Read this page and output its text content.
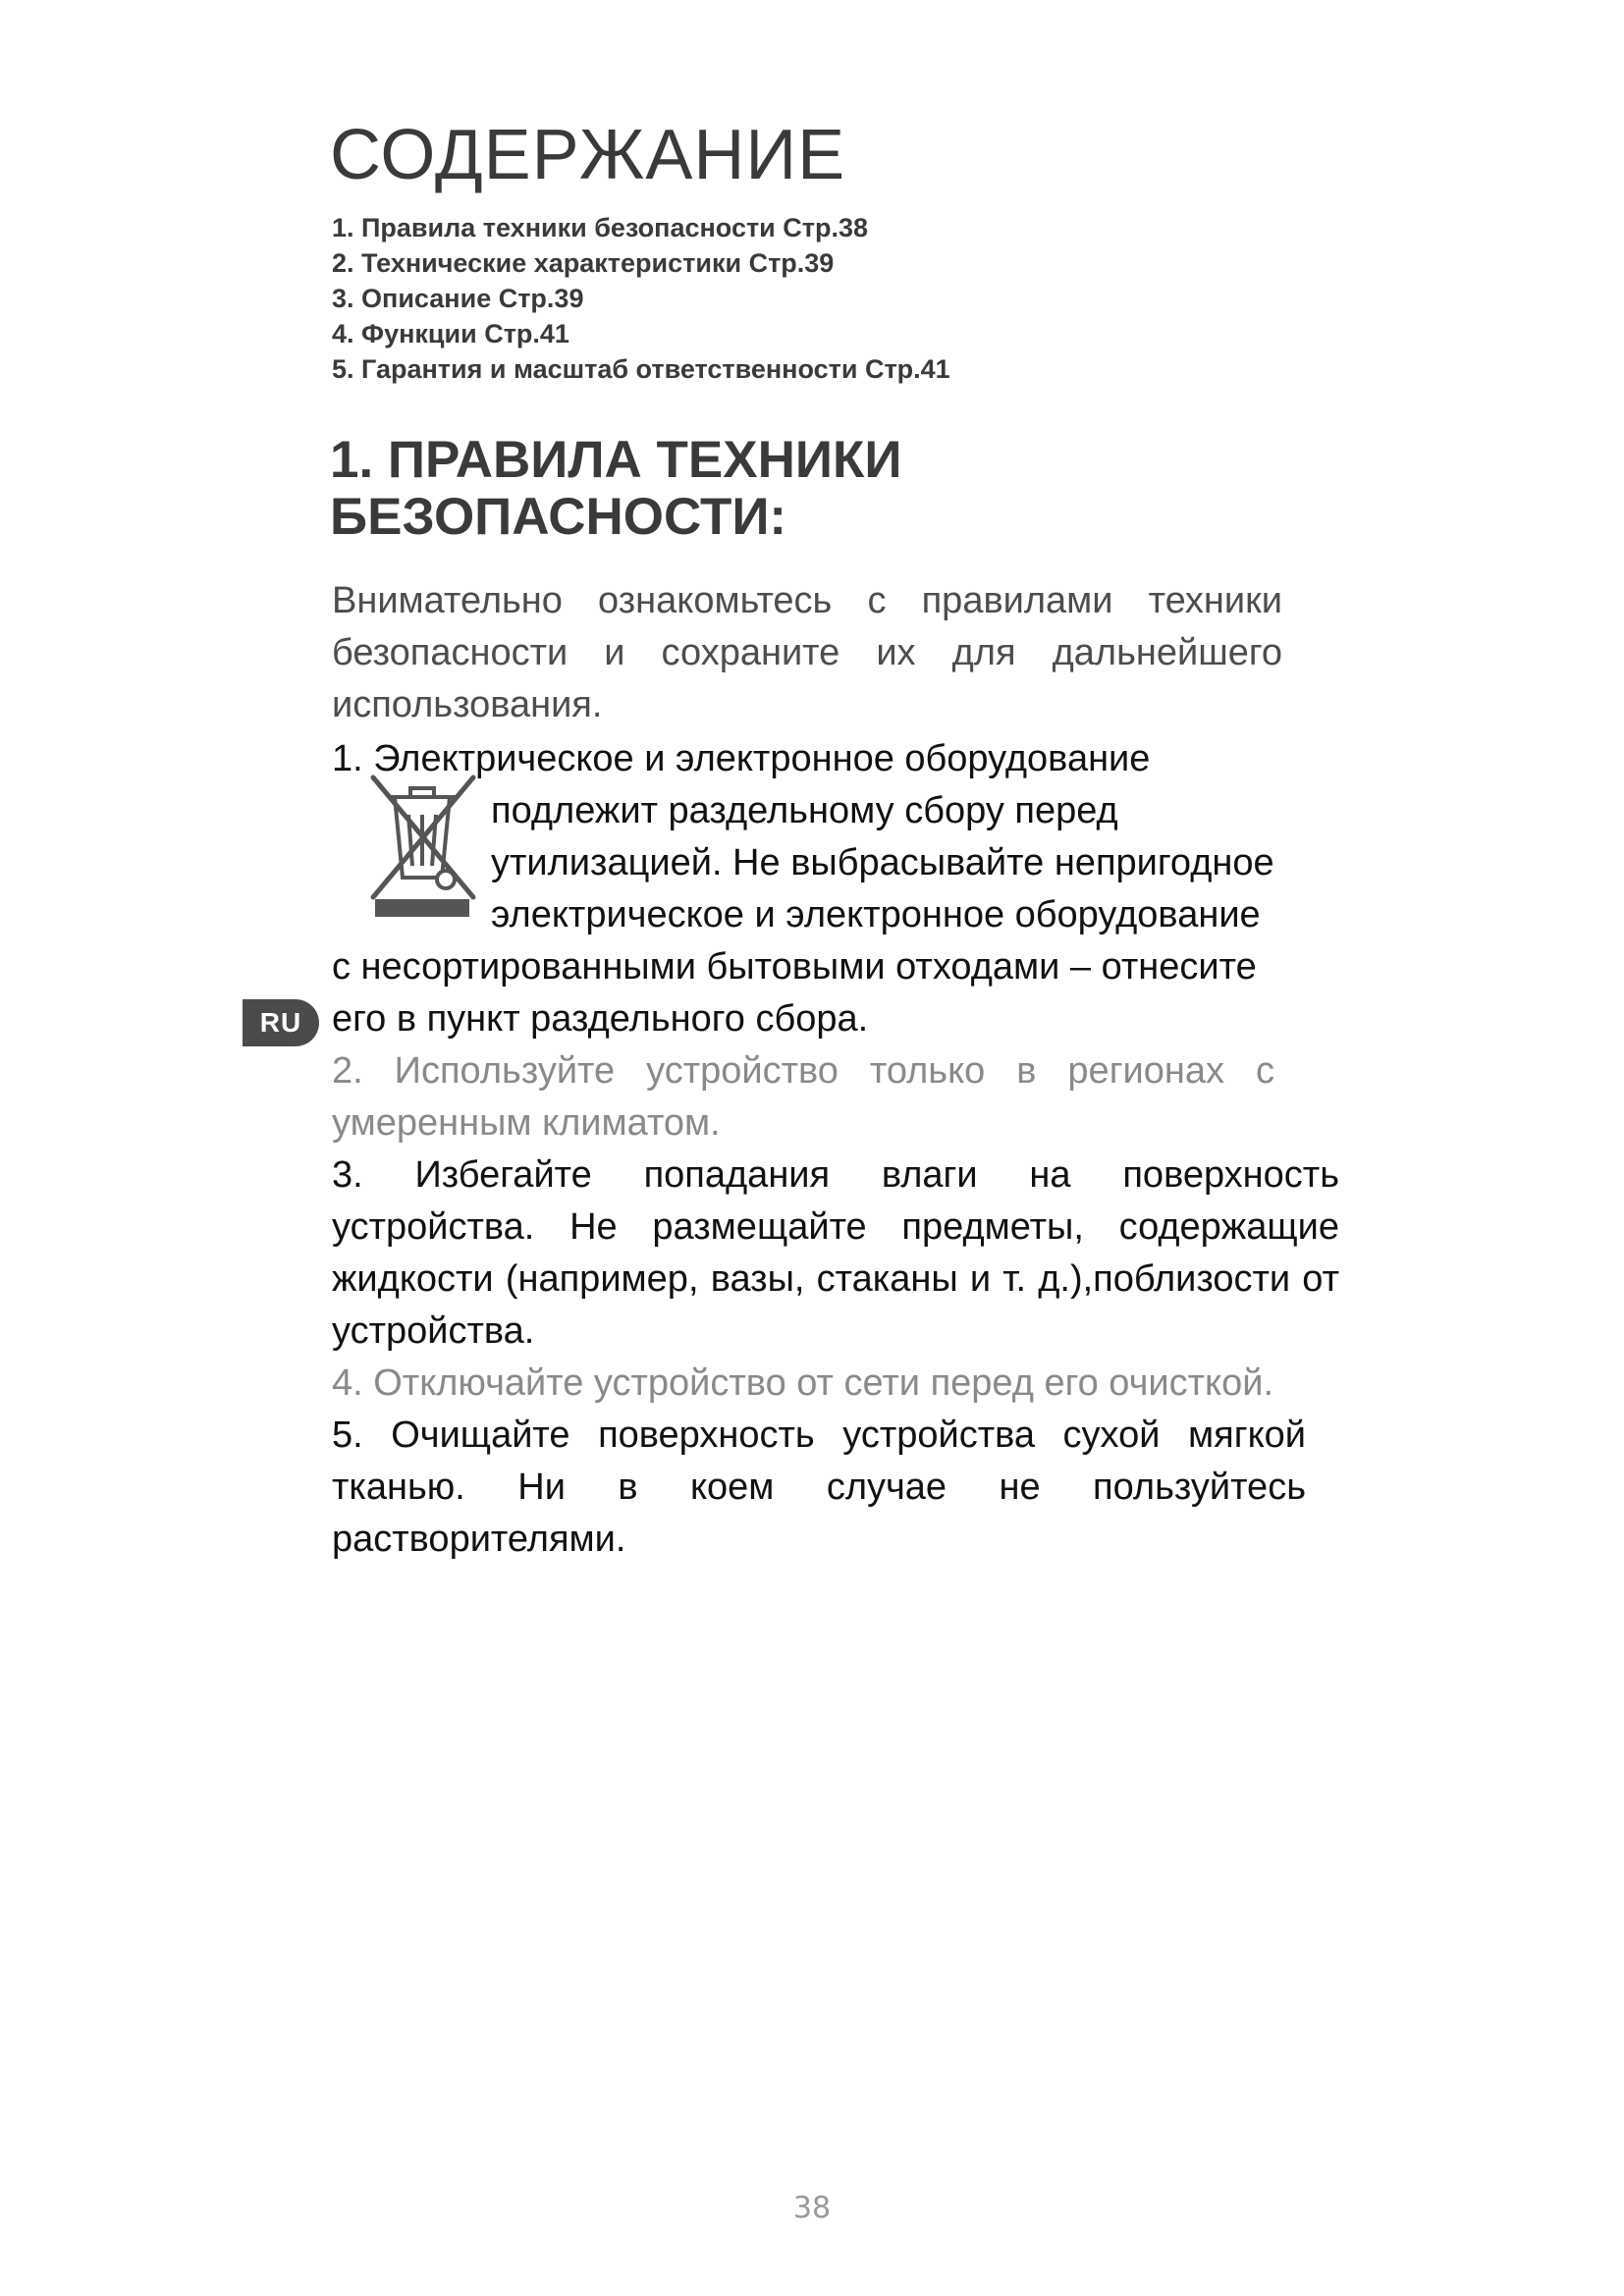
СОДЕРЖАНИЕ
1. Правила техники безопасности Стр.38
2. Технические характеристики Стр.39
3. Описание Стр.39
4. Функции Стр.41
5. Гарантия и масштаб ответственности Стр.41
1. ПРАВИЛА ТЕХНИКИ
БЕЗОПАСНОСТИ:

Внимательно ознакомьтесь с правилами техники безопасности и сохраните их для дальнейшего использования.

1. Электрическое и электронное оборудование

подлежит раздельному сбору перед
утилизацией. Не выбрасывайте непригодное
электрическое и электронное оборудование

с несортированными бытовыми отходами – отнесите

его в пункт раздельного сбора.

RU

2. Используйте устройство только в регионах с умеренным климатом.

3. Избегайте попадания влаги на поверхность устройства. Не размещайте предметы, содержащие жидкости (например, вазы, стаканы и т. д.),поблизости от устройства.

4. Отключайте устройство от сети перед его очисткой.

5. Очищайте поверхность устройства сухой мягкой тканью. Ни в коем случае не пользуйтесь растворителями.

38
